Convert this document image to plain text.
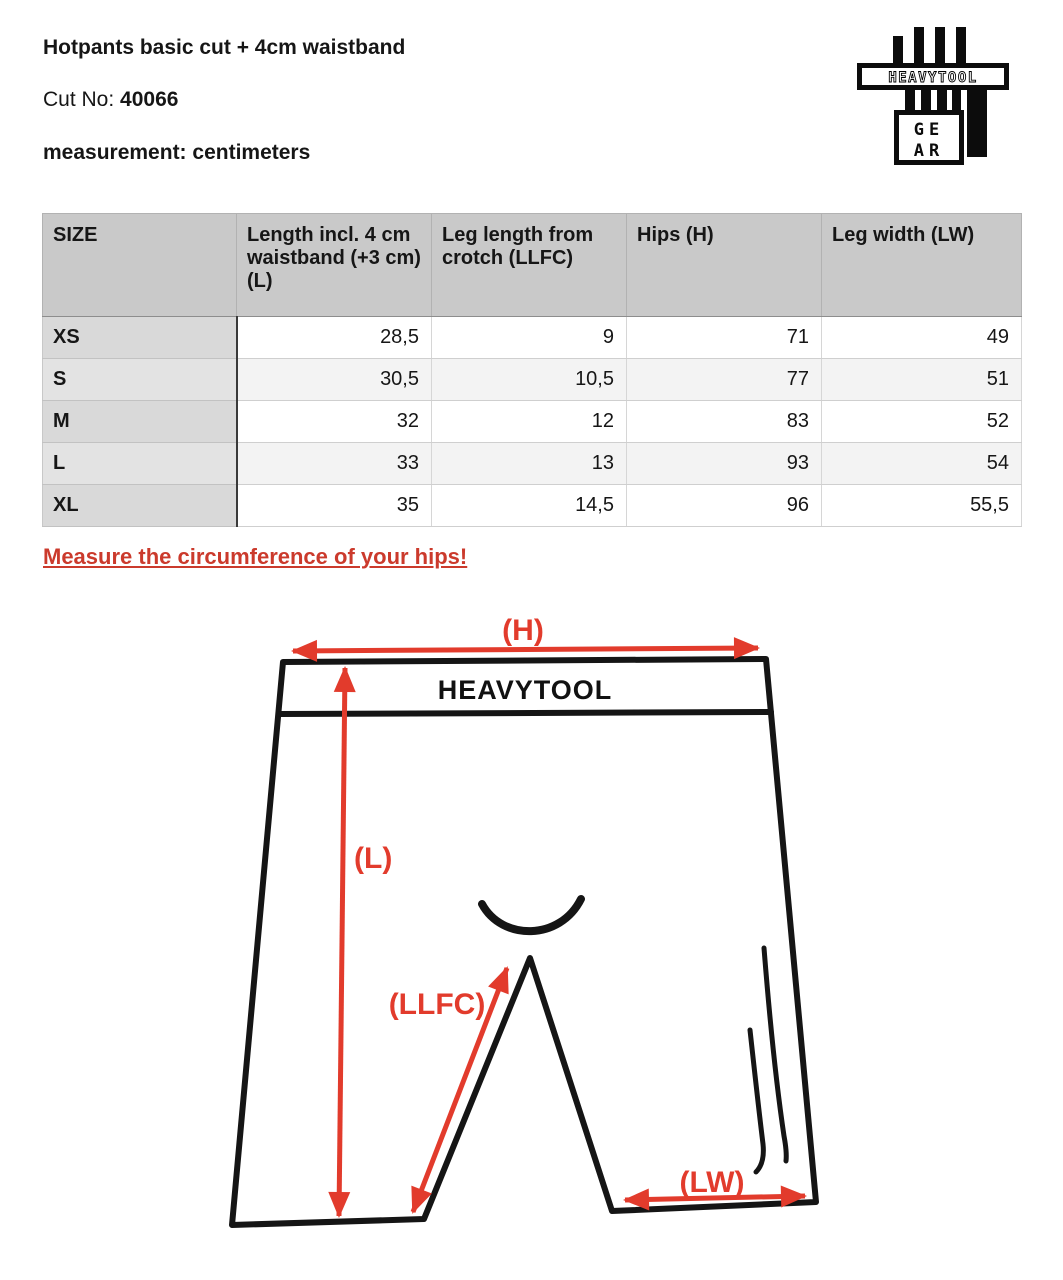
Hotpants basic cut + 4cm waistband
Cut No: 40066
measurement: centimeters
HEAVYTOOL
GE
AR
SIZE	Length incl. 4 cm waistband (+3 cm) (L)	Leg length from crotch (LLFC)	Hips (H)	Leg width (LW)
XS	28,5	9	71	49
S	30,5	10,5	77	51
M	32	12	83	52
L	33	13	93	54
XL	35	14,5	96	55,5
Measure the circumference of your hips!
HEAVYTOOL
(H)
(L)
(LLFC)
(LW)
